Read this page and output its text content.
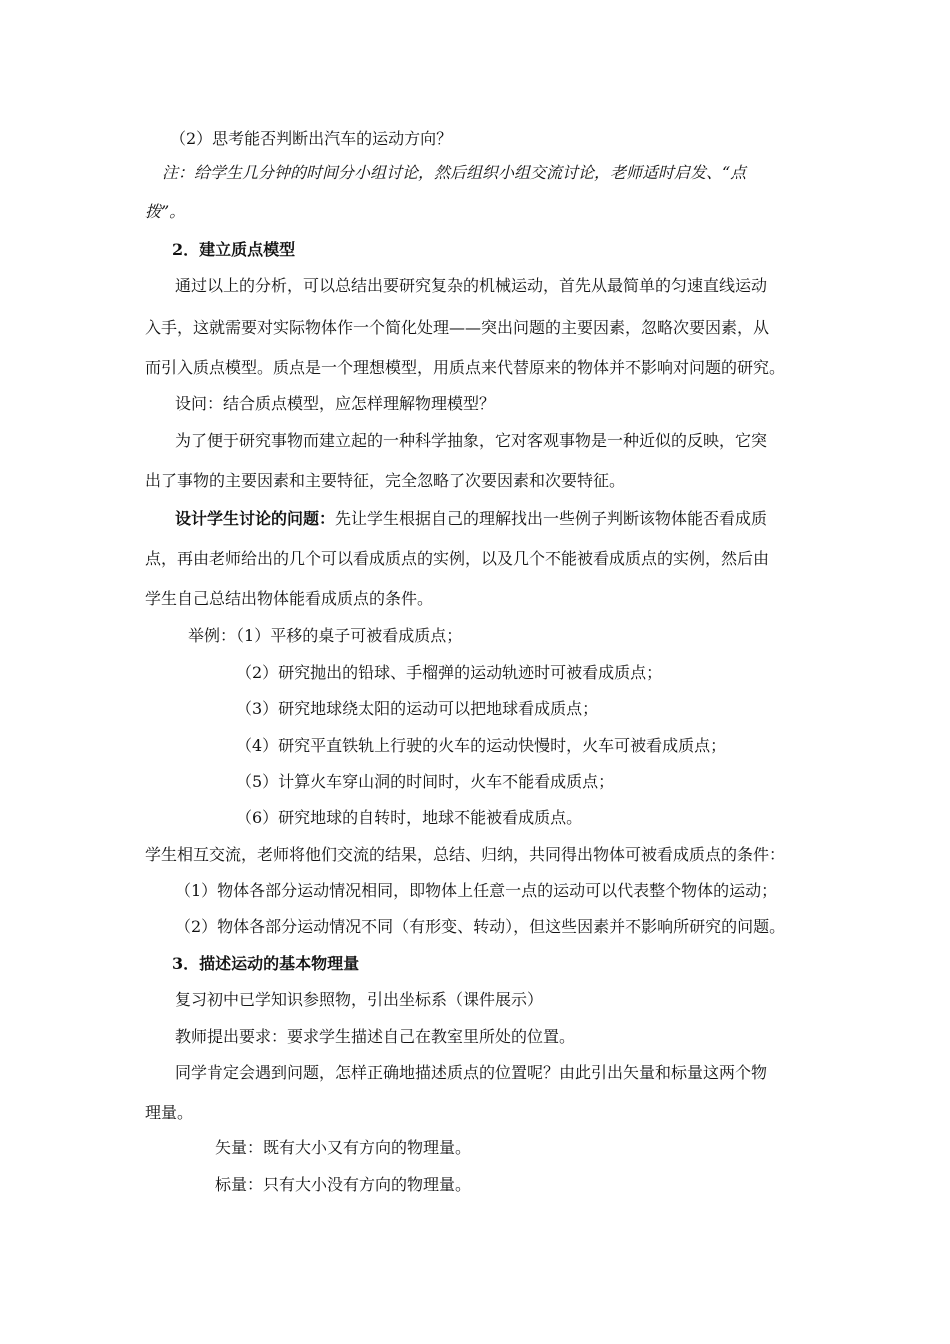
（2）思考能否判断出汽车的运动方向？
注：给学生几分钟的时间分小组讨论，然后组织小组交流讨论，老师适时启发、“点
拨”。
2．建立质点模型
通过以上的分析，可以总结出要研究复杂的机械运动，首先从最简单的匀速直线运动
入手，这就需要对实际物体作一个简化处理——突出问题的主要因素，忽略次要因素，从
而引入质点模型。质点是一个理想模型，用质点来代替原来的物体并不影响对问题的研究。
设问：结合质点模型，应怎样理解物理模型？
为了便于研究事物而建立起的一种科学抽象，它对客观事物是一种近似的反映，它突
出了事物的主要因素和主要特征，完全忽略了次要因素和次要特征。
设计学生讨论的问题：先让学生根据自己的理解找出一些例子判断该物体能否看成质
点，再由老师给出的几个可以看成质点的实例，以及几个不能被看成质点的实例，然后由
学生自己总结出物体能看成质点的条件。
举例：（1）平移的桌子可被看成质点；
（2）研究抛出的铅球、手榴弹的运动轨迹时可被看成质点；
（3）研究地球绕太阳的运动可以把地球看成质点；
（4）研究平直铁轨上行驶的火车的运动快慢时，火车可被看成质点；
（5）计算火车穿山洞的时间时，火车不能看成质点；
（6）研究地球的自转时，地球不能被看成质点。
学生相互交流，老师将他们交流的结果，总结、归纳，共同得出物体可被看成质点的条件：
（1）物体各部分运动情况相同，即物体上任意一点的运动可以代表整个物体的运动；
（2）物体各部分运动情况不同（有形变、转动），但这些因素并不影响所研究的问题。
3．描述运动的基本物理量
复习初中已学知识参照物，引出坐标系（课件展示）
教师提出要求：要求学生描述自己在教室里所处的位置。
同学肯定会遇到问题，怎样正确地描述质点的位置呢？由此引出矢量和标量这两个物
理量。
矢量：既有大小又有方向的物理量。
标量：只有大小没有方向的物理量。
